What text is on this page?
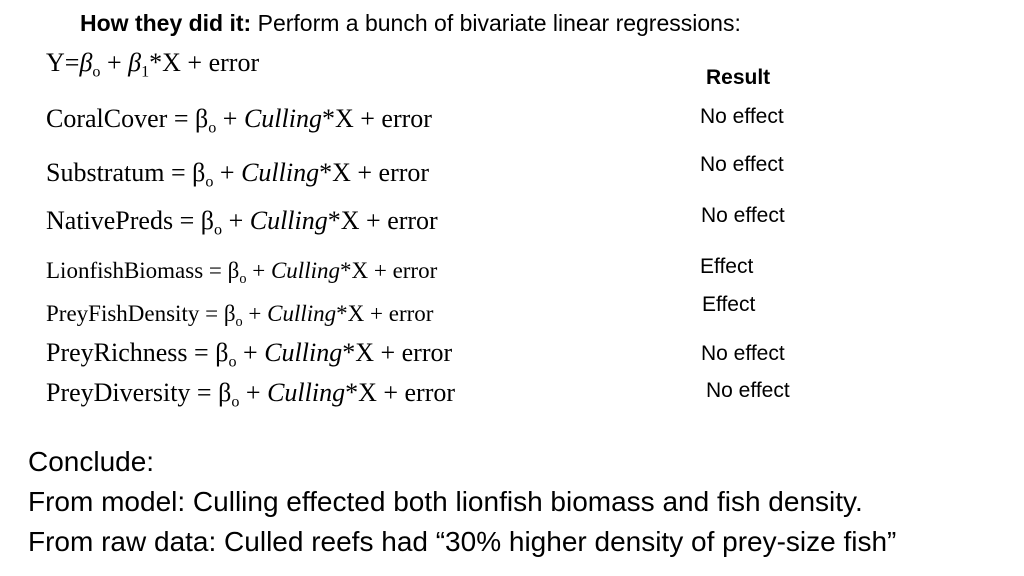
How they did it: Perform a bunch of bivariate linear regressions:
$Y=\beta_o + \beta_1*X$ + error
Result
CoralCover = $\beta_o$ + Culling*X + error	No effect
Substratum = $\beta_o$ + Culling*X + error	No effect
NativePreds = $\beta_o$ + Culling*X + error	No effect
LionfishBiomass = $\beta_o$ + Culling*X + error	Effect
PreyFishDensity = $\beta_o$ + Culling*X + error	Effect
PreyRichness = $\beta_o$ + Culling*X + error	No effect
PreyDiversity = $\beta_o$ + Culling*X + error	No effect
Conclude:
From model: Culling effected both lionfish biomass and fish density.
From raw data: Culled reefs had “30% higher density of prey-size fish”
